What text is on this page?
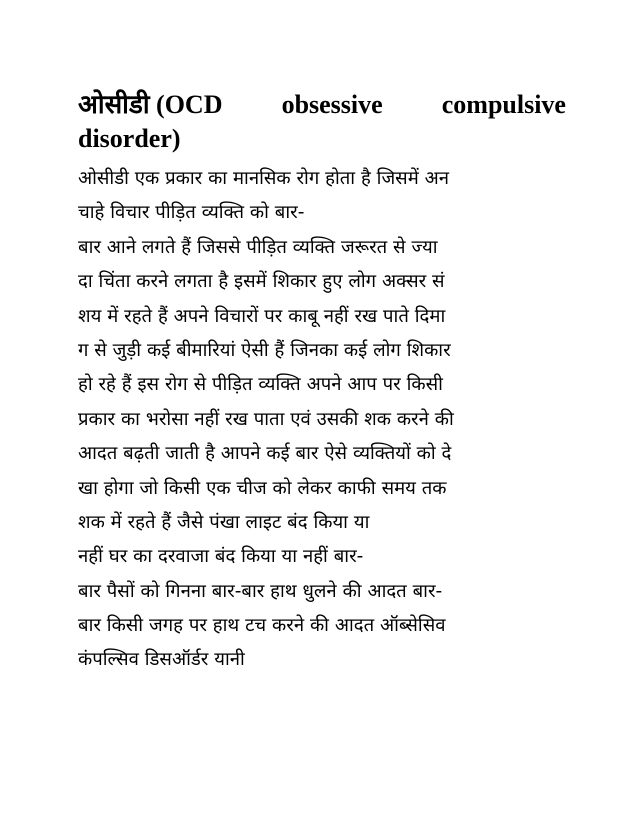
ओसीडी (OCD obsessive compulsive
disorder)
ओसीडी एक प्रकार का मानसिक रोग होता है जिसमें अन
चाहे विचार पीड़ित व्यक्ति को बार-
बार आने लगते हैं जिससे पीड़ित व्यक्ति जरूरत से ज्या
दा चिंता करने लगता है इसमें शिकार हुए लोग अक्सर सं
शय में रहते हैं अपने विचारों पर काबू नहीं रख पाते दिमा
ग से जुड़ी कई बीमारियां ऐसी हैं जिनका कई लोग शिकार
हो रहे हैं इस रोग से पीड़ित व्यक्ति अपने आप पर किसी
प्रकार का भरोसा नहीं रख पाता एवं उसकी शक करने की
आदत बढ़ती जाती है आपने कई बार ऐसे व्यक्तियों को दे
खा होगा जो किसी एक चीज को लेकर काफी समय तक
शक में रहते हैं जैसे पंखा लाइट बंद किया या
नहीं घर का दरवाजा बंद किया या नहीं बार-
बार पैसों को गिनना बार-बार हाथ धुलने की आदत बार-
बार किसी जगह पर हाथ टच करने की आदत ऑब्सेसिव
कंपल्सिव डिसऑर्डर यानी
